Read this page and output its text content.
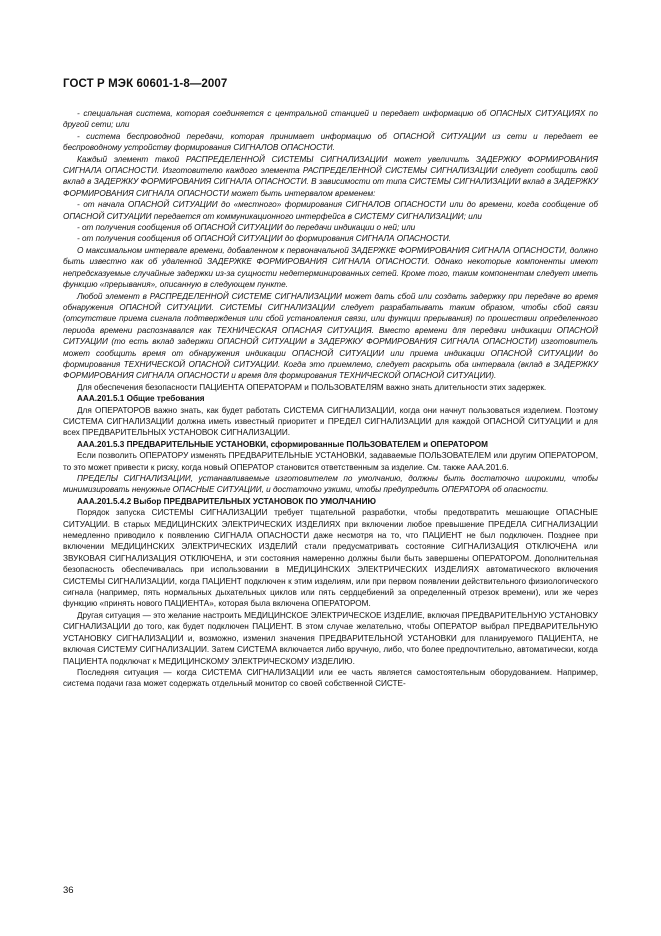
ГОСТ Р МЭК 60601-1-8—2007

- специальная система, которая соединяется с центральной станцией и передает информацию об ОПАСНЫХ СИТУАЦИЯХ по другой сети; или

- система беспроводной передачи, которая принимает информацию об ОПАСНОЙ СИТУАЦИИ из сети и передает ее беспроводному устройству формирования СИГНАЛОВ ОПАСНОСТИ.

Каждый элемент такой РАСПРЕДЕЛЕННОЙ СИСТЕМЫ СИГНАЛИЗАЦИИ может увеличить ЗАДЕРЖКУ ФОРМИРОВАНИЯ СИГНАЛА ОПАСНОСТИ. Изготовителю каждого элемента РАСПРЕДЕЛЕННОЙ СИСТЕМЫ СИГНАЛИЗАЦИИ следует сообщить свой вклад в ЗАДЕРЖКУ ФОРМИРОВАНИЯ СИГНАЛА ОПАСНОСТИ. В зависимости от типа СИСТЕМЫ СИГНАЛИЗАЦИИ вклад в ЗАДЕРЖКУ ФОРМИРОВАНИЯ СИГНАЛА ОПАСНОСТИ может быть интервалом временем:

- от начала ОПАСНОЙ СИТУАЦИИ до «местного» формирования СИГНАЛОВ ОПАСНОСТИ или до времени, когда сообщение об ОПАСНОЙ СИТУАЦИИ передается от коммуникационного интерфейса в СИСТЕМУ СИГНАЛИЗАЦИИ; или

- от получения сообщения об ОПАСНОЙ СИТУАЦИИ до передачи индикации о ней; или

- от получения сообщения об ОПАСНОЙ СИТУАЦИИ до формирования СИГНАЛА ОПАСНОСТИ.

О максимальном интервале времени, добавленном к первоначальной ЗАДЕРЖКЕ ФОРМИРОВАНИЯ СИГНАЛА ОПАСНОСТИ, должно быть известно как об удаленной ЗАДЕРЖКЕ ФОРМИРОВАНИЯ СИГНАЛА ОПАСНОСТИ. Однако некоторые компоненты имеют непредсказуемые случайные задержки из-за сущности недетерминированных сетей. Кроме того, таким компонентам следует иметь функцию «прерывания», описанную в следующем пункте.

Любой элемент в РАСПРЕДЕЛЕННОЙ СИСТЕМЕ СИГНАЛИЗАЦИИ может дать сбой или создать задержку при передаче во время обнаружения ОПАСНОЙ СИТУАЦИИ. СИСТЕМЫ СИГНАЛИЗАЦИИ следует разрабатывать таким образом, чтобы сбой связи (отсутствие приема сигнала подтверждения или сбой установления связи, или функции прерывания) по прошествии определенного периода времени распознавался как ТЕХНИЧЕСКАЯ ОПАСНАЯ СИТУАЦИЯ. Вместо времени для передачи индикации ОПАСНОЙ СИТУАЦИИ (то есть вклад задержки ОПАСНОЙ СИТУАЦИИ в ЗАДЕРЖКУ ФОРМИРОВАНИЯ СИГНАЛА ОПАСНОСТИ) изготовитель может сообщить время от обнаружения индикации ОПАСНОЙ СИТУАЦИИ или приема индикации ОПАСНОЙ СИТУАЦИИ до формирования ТЕХНИЧЕСКОЙ ОПАСНОЙ СИТУАЦИИ. Когда это приемлемо, следует раскрыть оба интервала (вклад в ЗАДЕРЖКУ ФОРМИРОВАНИЯ СИГНАЛА ОПАСНОСТИ и время для формирования ТЕХНИЧЕСКОЙ ОПАСНОЙ СИТУАЦИИ).

Для обеспечения безопасности ПАЦИЕНТА ОПЕРАТОРАМ и ПОЛЬЗОВАТЕЛЯМ важно знать длительности этих задержек.

ААА.201.5.1 Общие требования

Для ОПЕРАТОРОВ важно знать, как будет работать СИСТЕМА СИГНАЛИЗАЦИИ, когда они начнут пользоваться изделием. Поэтому СИСТЕМА СИГНАЛИЗАЦИИ должна иметь известный приоритет и ПРЕДЕЛ СИГНАЛИЗАЦИИ для каждой ОПАСНОЙ СИТУАЦИИ и для всех ПРЕДВАРИТЕЛЬНЫХ УСТАНОВОК СИГНАЛИЗАЦИИ.

ААА.201.5.3 ПРЕДВАРИТЕЛЬНЫЕ УСТАНОВКИ, сформированные ПОЛЬЗОВАТЕЛЕМ и ОПЕРАТОРОМ

Если позволить ОПЕРАТОРУ изменять ПРЕДВАРИТЕЛЬНЫЕ УСТАНОВКИ, задаваемые ПОЛЬЗОВАТЕЛЕМ или другим ОПЕРАТОРОМ, то это может привести к риску, когда новый ОПЕРАТОР становится ответственным за изделие. См. также ААА.201.6.

ПРЕДЕЛЫ СИГНАЛИЗАЦИИ, устанавливаемые изготовителем по умолчанию, должны быть достаточно широкими, чтобы минимизировать ненужные ОПАСНЫЕ СИТУАЦИИ, и достаточно узкими, чтобы предупредить ОПЕРАТОРА об опасности.

ААА.201.5.4.2 Выбор ПРЕДВАРИТЕЛЬНЫХ УСТАНОВОК ПО УМОЛЧАНИЮ

Порядок запуска СИСТЕМЫ СИГНАЛИЗАЦИИ требует тщательной разработки, чтобы предотвратить мешающие ОПАСНЫЕ СИТУАЦИИ. В старых МЕДИЦИНСКИХ ЭЛЕКТРИЧЕСКИХ ИЗДЕЛИЯХ при включении любое превышение ПРЕДЕЛА СИГНАЛИЗАЦИИ немедленно приводило к появлению СИГНАЛА ОПАСНОСТИ даже несмотря на то, что ПАЦИЕНТ не был подключен. Позднее при включении МЕДИЦИНСКИХ ЭЛЕКТРИЧЕСКИХ ИЗДЕЛИЙ стали предусматривать состояние СИГНАЛИЗАЦИЯ ОТКЛЮЧЕНА или ЗВУКОВАЯ СИГНАЛИЗАЦИЯ ОТКЛЮЧЕНА, и эти состояния намеренно должны были быть завершены ОПЕРАТОРОМ. Дополнительная безопасность обеспечивалась при использовании в МЕДИЦИНСКИХ ЭЛЕКТРИЧЕСКИХ ИЗДЕЛИЯХ автоматического включения СИСТЕМЫ СИГНАЛИЗАЦИИ, когда ПАЦИЕНТ подключен к этим изделиям, или при первом появлении действительного физиологического сигнала (например, пять нормальных дыхательных циклов или пять сердцебиений за определенный отрезок времени), или же через функцию «принять нового ПАЦИЕНТА», которая была включена ОПЕРАТОРОМ.

Другая ситуация — это желание настроить МЕДИЦИНСКОЕ ЭЛЕКТРИЧЕСКОЕ ИЗДЕЛИЕ, включая ПРЕДВАРИТЕЛЬНУЮ УСТАНОВКУ СИГНАЛИЗАЦИИ до того, как будет подключен ПАЦИЕНТ. В этом случае желательно, чтобы ОПЕРАТОР выбрал ПРЕДВАРИТЕЛЬНУЮ УСТАНОВКУ СИГНАЛИЗАЦИИ и, возможно, изменил значения ПРЕДВАРИТЕЛЬНОЙ УСТАНОВКИ для планируемого ПАЦИЕНТА, не включая СИСТЕМУ СИГНАЛИЗАЦИИ. Затем СИСТЕМА включается либо вручную, либо, что более предпочтительно, автоматически, когда ПАЦИЕНТА подключат к МЕДИЦИНСКОМУ ЭЛЕКТРИЧЕСКОМУ ИЗДЕЛИЮ.

Последняя ситуация — когда СИСТЕМА СИГНАЛИЗАЦИИ или ее часть является самостоятельным оборудованием. Например, система подачи газа может содержать отдельный монитор со своей собственной СИСТЕ-

36
